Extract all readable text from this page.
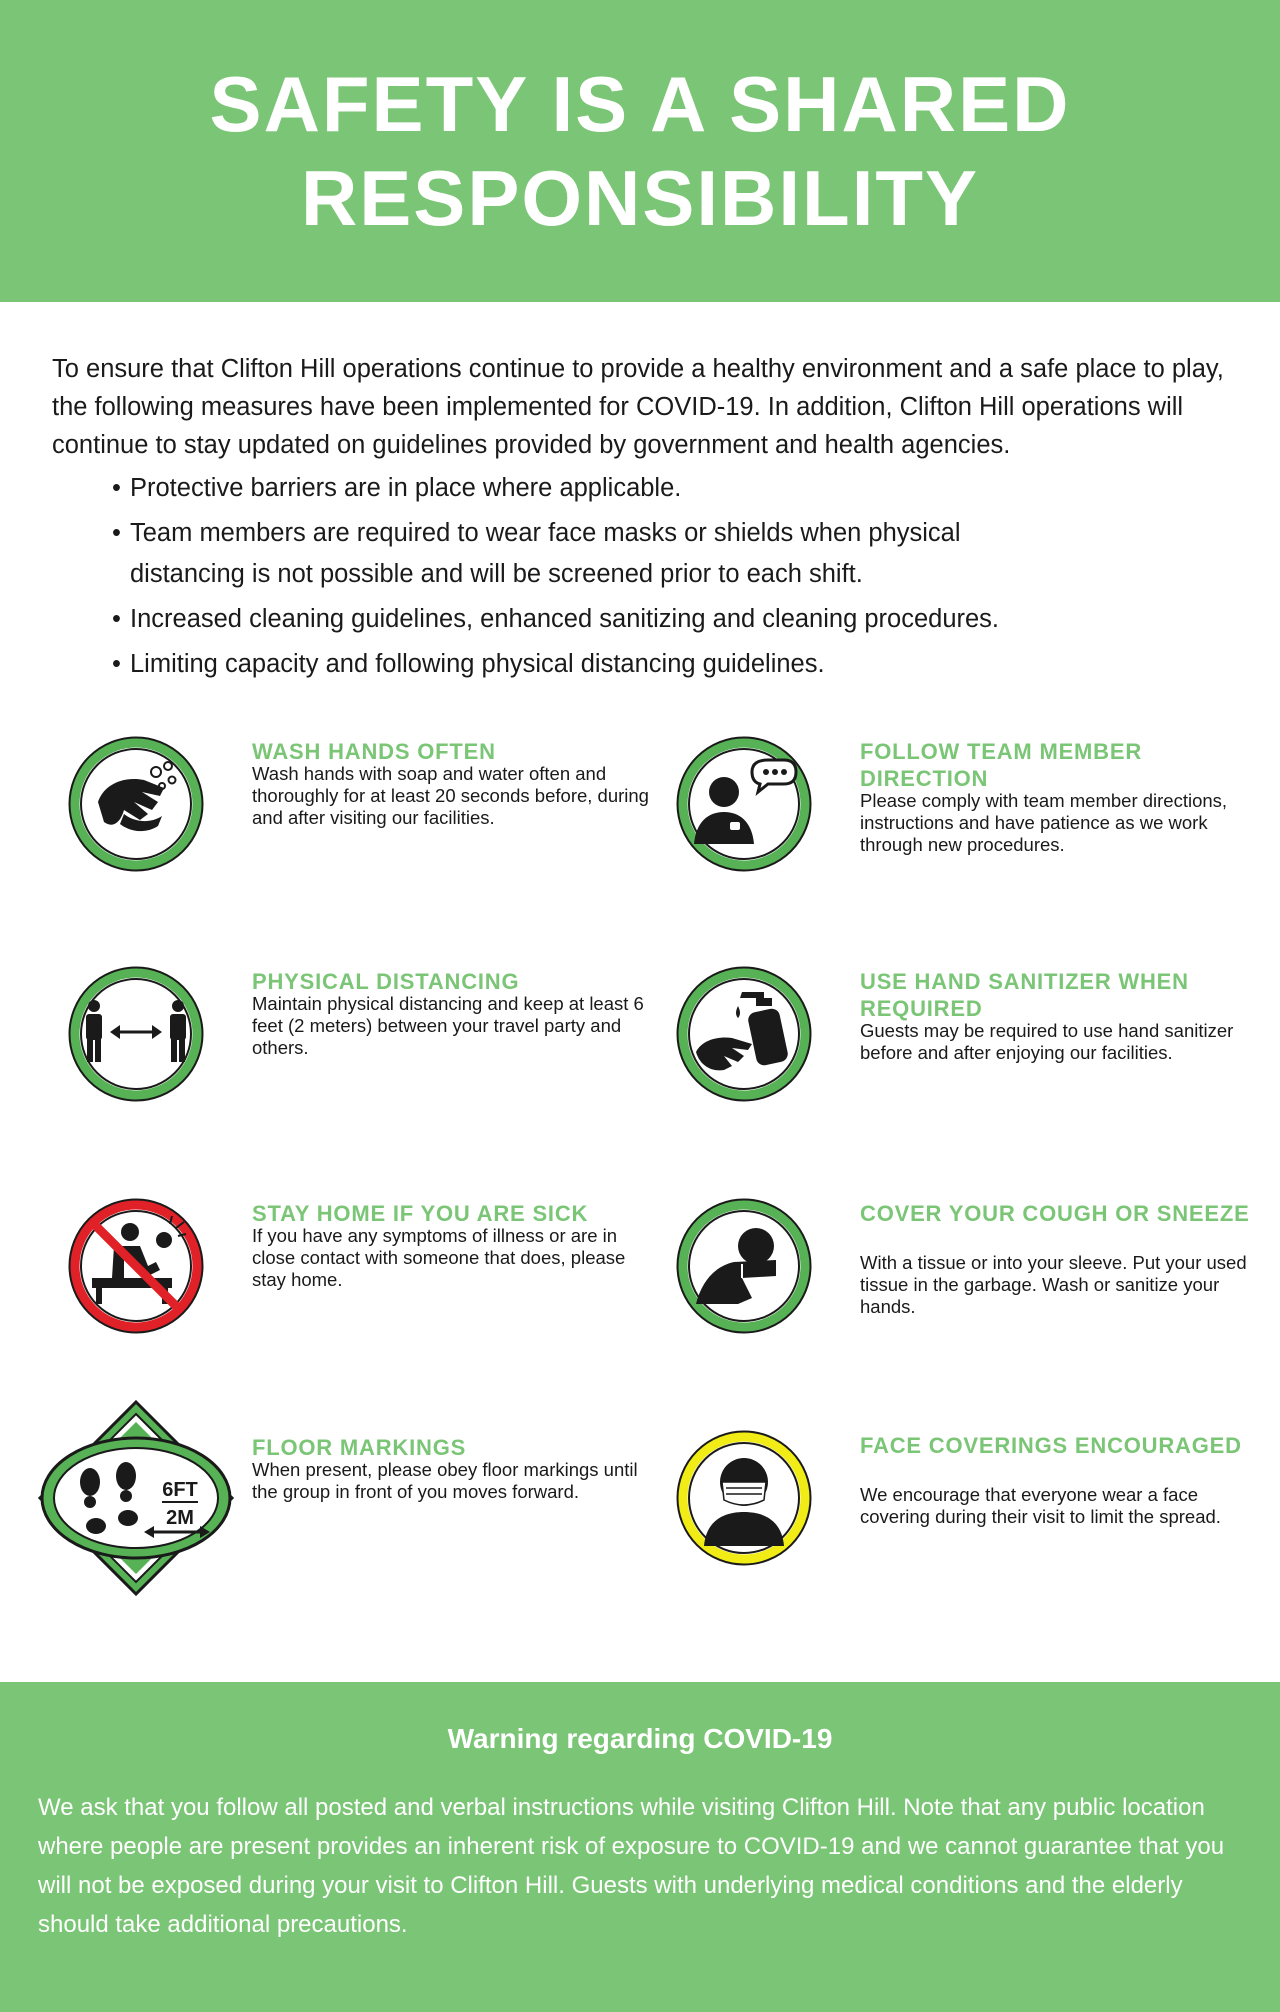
SAFETY IS A SHARED RESPONSIBILITY

To ensure that Clifton Hill operations continue to provide a healthy environment and a safe place to play, the following measures have been implemented for COVID-19. In addition, Clifton Hill operations will continue to stay updated on guidelines provided by government and health agencies.

• Protective barriers are in place where applicable.
• Team members are required to wear face masks or shields when physical distancing is not possible and will be screened prior to each shift.
• Increased cleaning guidelines, enhanced sanitizing and cleaning procedures.
• Limiting capacity and following physical distancing guidelines.
WASH HANDS OFTEN
Wash hands with soap and water often and thoroughly for at least 20 seconds before, during and after visiting our facilities.
FOLLOW TEAM MEMBER DIRECTION
Please comply with team member directions, instructions and have patience as we work through new procedures.
PHYSICAL DISTANCING
Maintain physical distancing and keep at least 6 feet (2 meters) between your travel party and others.
USE HAND SANITIZER WHEN REQUIRED
Guests may be required to use hand sanitizer before and after enjoying our facilities.
STAY HOME IF YOU ARE SICK
If you have any symptoms of illness or are in close contact with someone that does, please stay home.
COVER YOUR COUGH OR SNEEZE
With a tissue or into your sleeve. Put your used tissue in the garbage. Wash or sanitize your hands.
6FT
2M
FLOOR MARKINGS
When present, please obey floor markings until the group in front of you moves forward.
FACE COVERINGS ENCOURAGED
We encourage that everyone wear a face covering during their visit to limit the spread.
Warning regarding COVID-19

We ask that you follow all posted and verbal instructions while visiting Clifton Hill. Note that any public location where people are present provides an inherent risk of exposure to COVID-19 and we cannot guarantee that you will not be exposed during your visit to Clifton Hill. Guests with underlying medical conditions and the elderly should take additional precautions.
